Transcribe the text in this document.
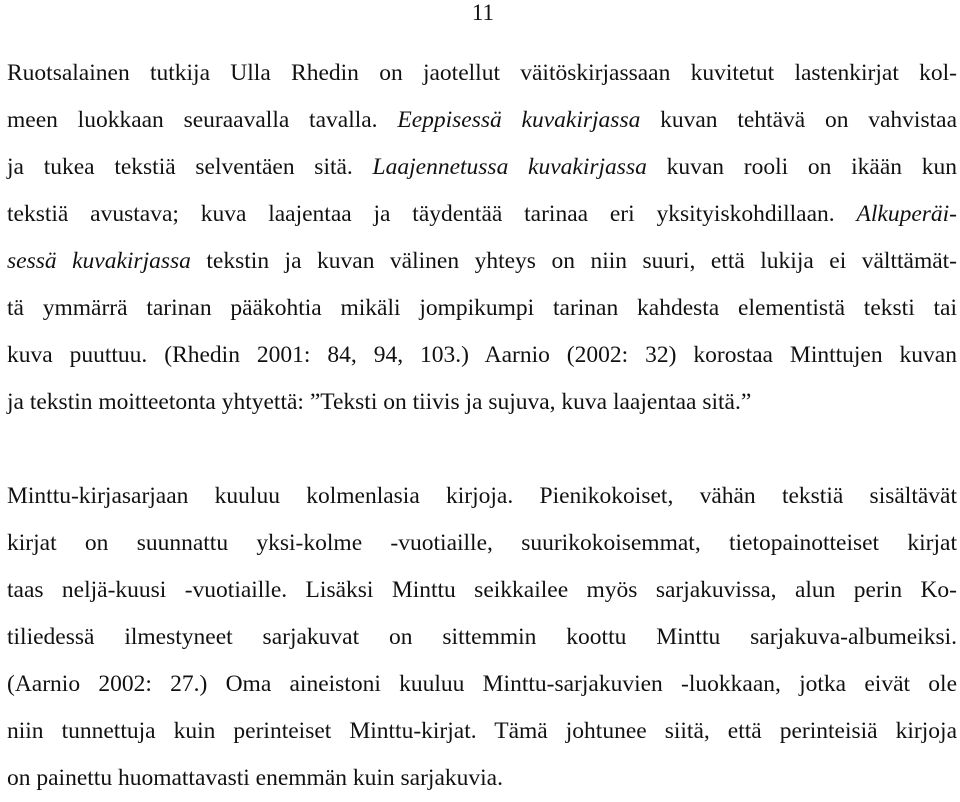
11
Ruotsalainen tutkija Ulla Rhedin on jaotellut väitöskirjassaan kuvitetut lastenkirjat kol-
meen luokkaan seuraavalla tavalla. Eeppisessä kuvakirjassa kuvan tehtävä on vahvistaa
ja tukea tekstiä selventäen sitä. Laajennetussa kuvakirjassa kuvan rooli on ikään kun
tekstiä avustava; kuva laajentaa ja täydentää tarinaa eri yksityiskohdillaan. Alkuperäi-
sessä kuvakirjassa tekstin ja kuvan välinen yhteys on niin suuri, että lukija ei välttämät-
tä ymmärrä tarinan pääkohtia mikäli jompikumpi tarinan kahdesta elementistä teksti tai
kuva puuttuu. (Rhedin 2001: 84, 94, 103.) Aarnio (2002: 32) korostaa Minttujen kuvan
ja tekstin moitteetonta yhtyettä: ”Teksti on tiivis ja sujuva, kuva laajentaa sitä.”
Minttu-kirjasarjaan kuuluu kolmenlasia kirjoja. Pienikokoiset, vähän tekstiä sisältävät
kirjat on suunnattu yksi-kolme -vuotiaille, suurikokoisemmat, tietopainotteiset kirjat
taas neljä-kuusi -vuotiaille. Lisäksi Minttu seikkailee myös sarjakuvissa, alun perin Ko-
tiliedessä ilmestyneet sarjakuvat on sittemmin koottu Minttu sarjakuva-albumeiksi.
(Aarnio 2002: 27.) Oma aineistoni kuuluu Minttu-sarjakuvien -luokkaan, jotka eivät ole
niin tunnettuja kuin perinteiset Minttu-kirjat. Tämä johtunee siitä, että perinteisiä kirjoja
on painettu huomattavasti enemmän kuin sarjakuvia.
